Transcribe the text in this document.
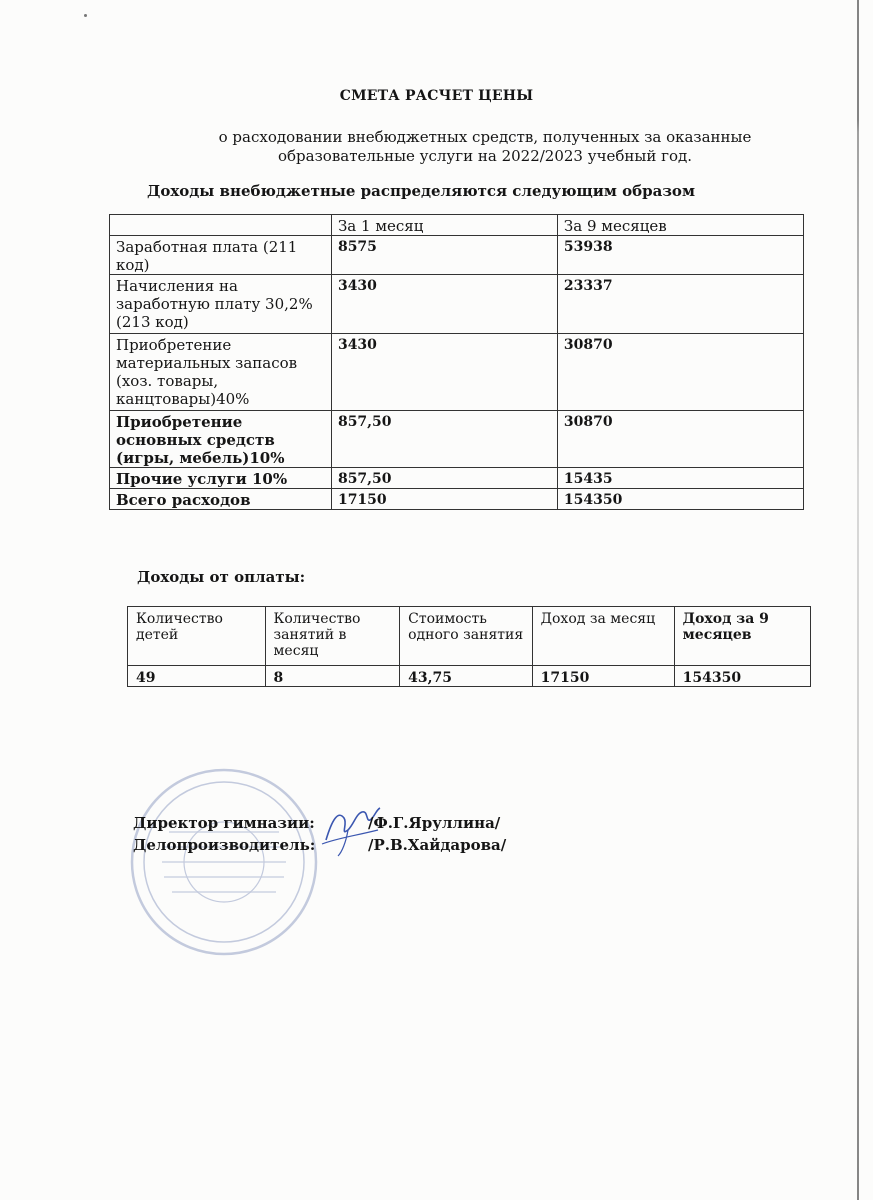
СМЕТА РАСЧЕТ ЦЕНЫ
о расходовании внебюджетных средств, полученных за оказанные
образовательные услуги на 2022/2023 учебный год.
Доходы внебюджетные распределяются следующим образом
	За 1 месяц	За 9 месяцев
Заработная плата (211 код)	8575	53938
Начисления на заработную плату 30,2% (213 код)	3430	23337
Приобретение материальных запасов (хоз. товары, канцтовары)40%	3430	30870
Приобретение основных средств (игры, мебель)10%	857,50	30870
Прочие услуги 10%	857,50	15435
Всего расходов	17150	154350
Доходы от оплаты:
Количество детей	Количество занятий в месяц	Стоимость одного занятия	Доход за месяц	Доход за 9 месяцев
49	8	43,75	17150	154350
Директор гимназии:
Делопроизводитель:
/Ф.Г.Яруллина/
/Р.В.Хайдарова/
